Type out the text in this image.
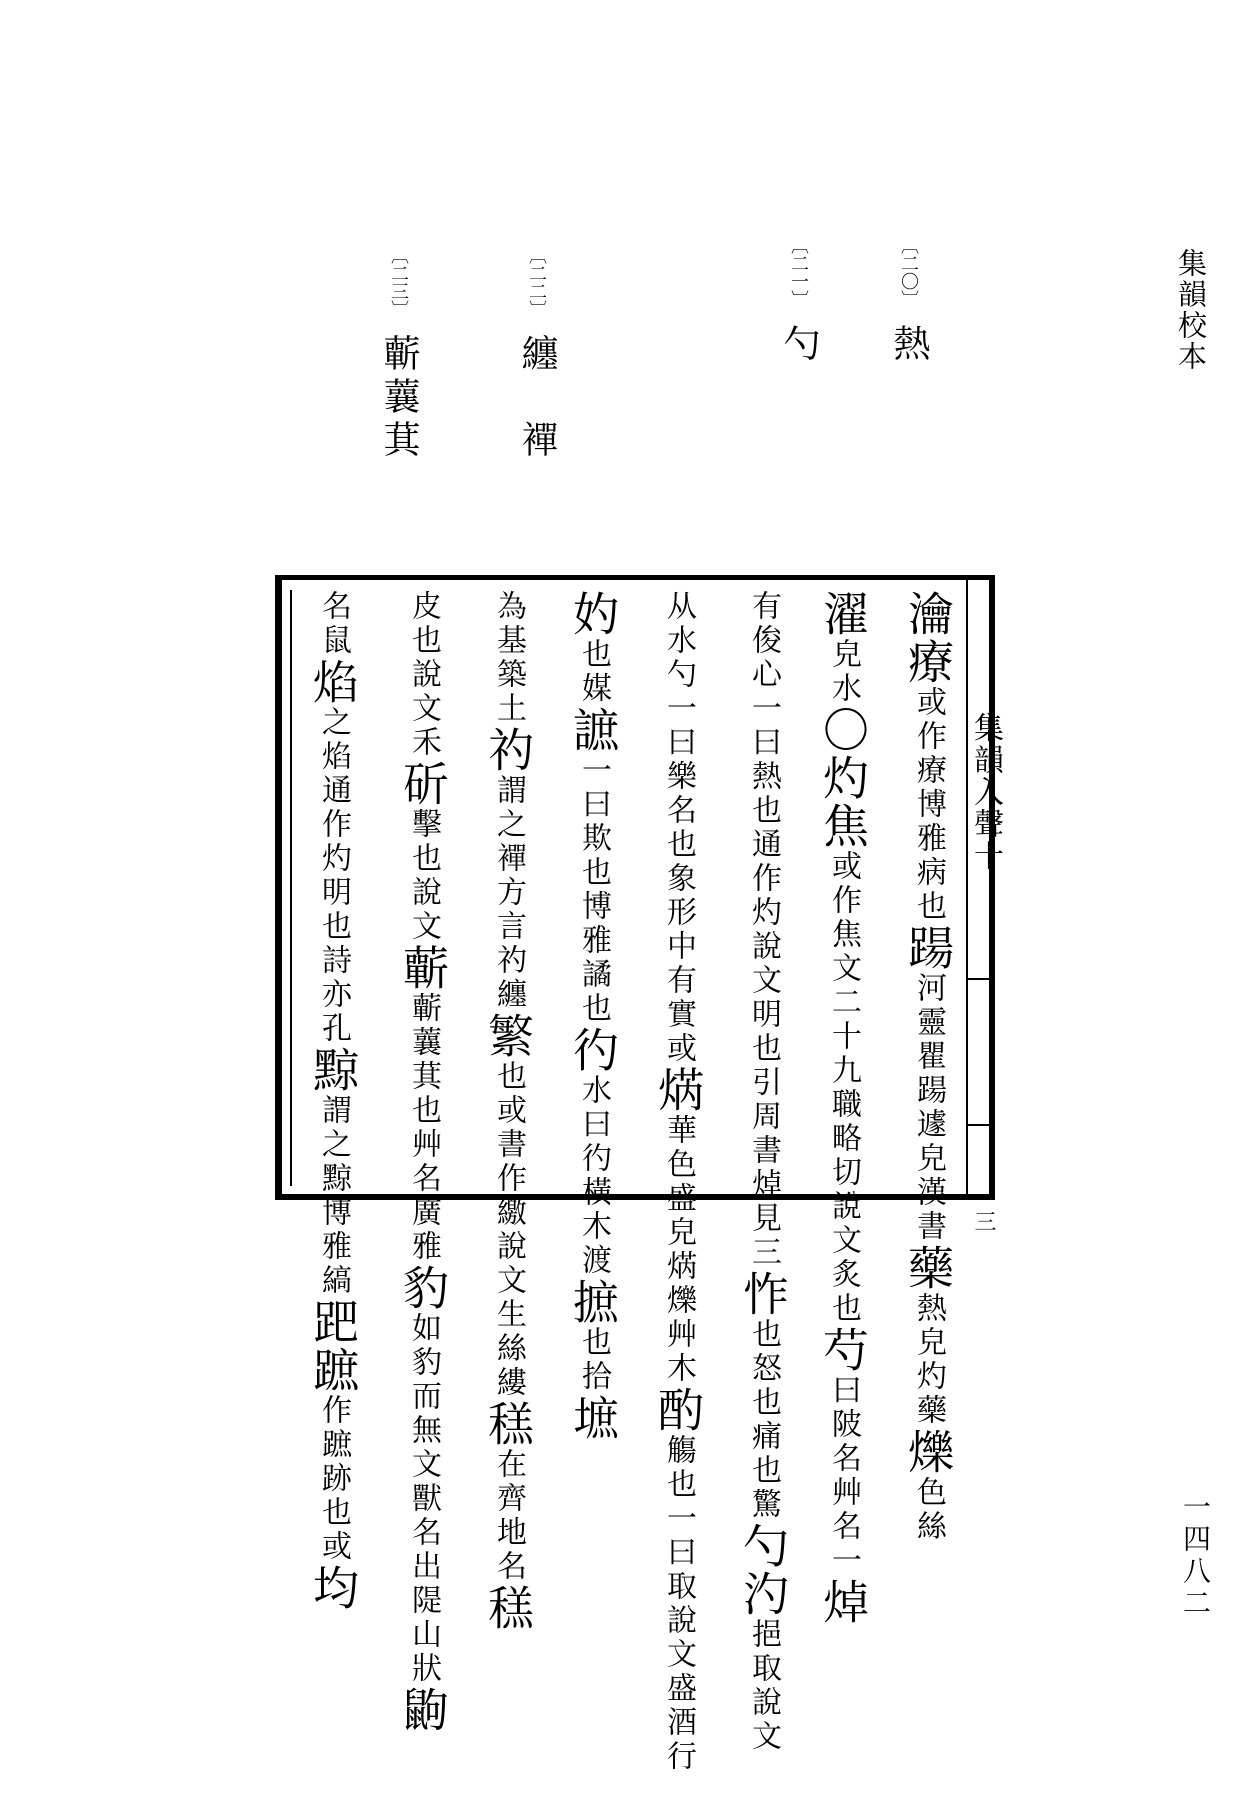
集韻校本
一四八二
〔二〇〕熱
〔二一〕勺
〔二二〕纏　襌
〔二三〕蘄蘘萁
集韻入聲十
三
瀹療或作療博雅病也踼河靈瞿踼遽皃漢書藥熱皃灼藥爍色絲
濯皃水〇灼焦或作焦文二十九職略切說文炙也芍曰陂名艸名一焯
有俊心一曰熱也通作灼說文明也引周書焯見三怍也怒也痛也驚勺汋挹取說文
从水勺一曰樂名也象形中有實或焫華色盛皃焫爍艸木酌觴也一曰取說文盛酒行
妁也媒謶一曰欺也博雅譎也彴水曰彴橫木渡摭也拾墌
為基築土礿謂之襌方言礿纏繁也或書作繳說文生絲縷䅵在齊地名䅵
皮也說文禾斫擊也說文蘄蘄蘘萁也艸名廣雅豹如豹而無文獸名出隄山狀鼩
名鼠焰之焰通作灼明也詩亦孔黥謂之黥博雅縞跁蹠作蹠跡也或均
